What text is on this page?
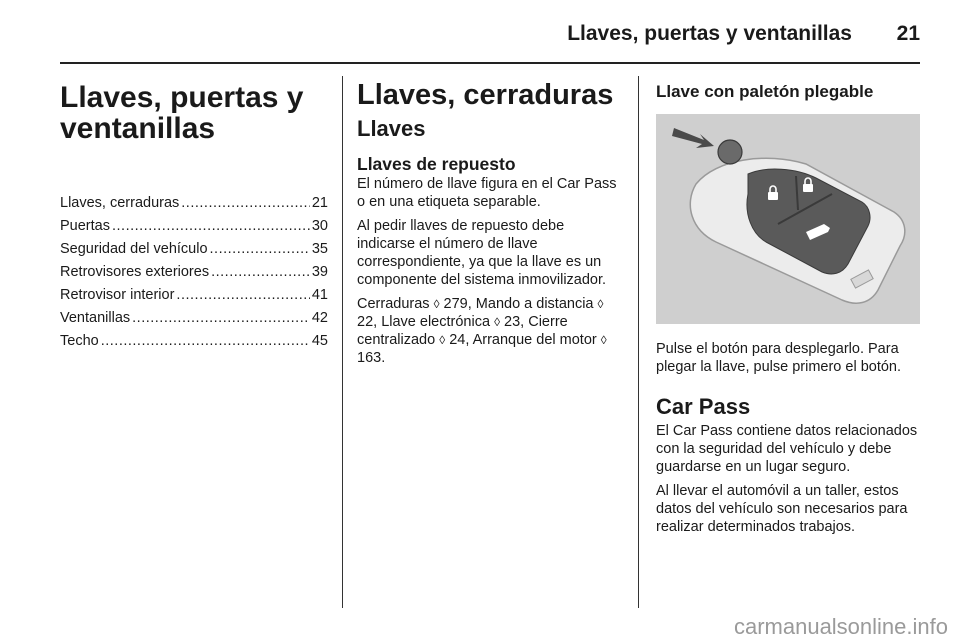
Llaves, puertas y ventanillas 21
Llaves, puertas y ventanillas
Llaves, cerraduras .....	21
Puertas .....	30
Seguridad del vehículo .....	35
Retrovisores exteriores .....	39
Retrovisor interior .....	41
Ventanillas .....	42
Techo .....	45
Llaves, cerraduras
Llaves
Llaves de repuesto

El número de llave figura en el Car Pass o en una etiqueta separable.

Al pedir llaves de repuesto debe indicarse el número de llave correspondiente, ya que la llave es un componente del sistema inmovilizador.

Cerraduras ◊ 279, Mando a distancia ◊ 22, Llave electrónica ◊ 23, Cierre centralizado ◊ 24, Arranque del motor ◊ 163.

Llave con paletón plegable

Pulse el botón para desplegarlo. Para plegar la llave, pulse primero el botón.

Car Pass

El Car Pass contiene datos relacionados con la seguridad del vehículo y debe guardarse en un lugar seguro.

Al llevar el automóvil a un taller, estos datos del vehículo son necesarios para realizar determinados trabajos.

carmanualsonline.info
